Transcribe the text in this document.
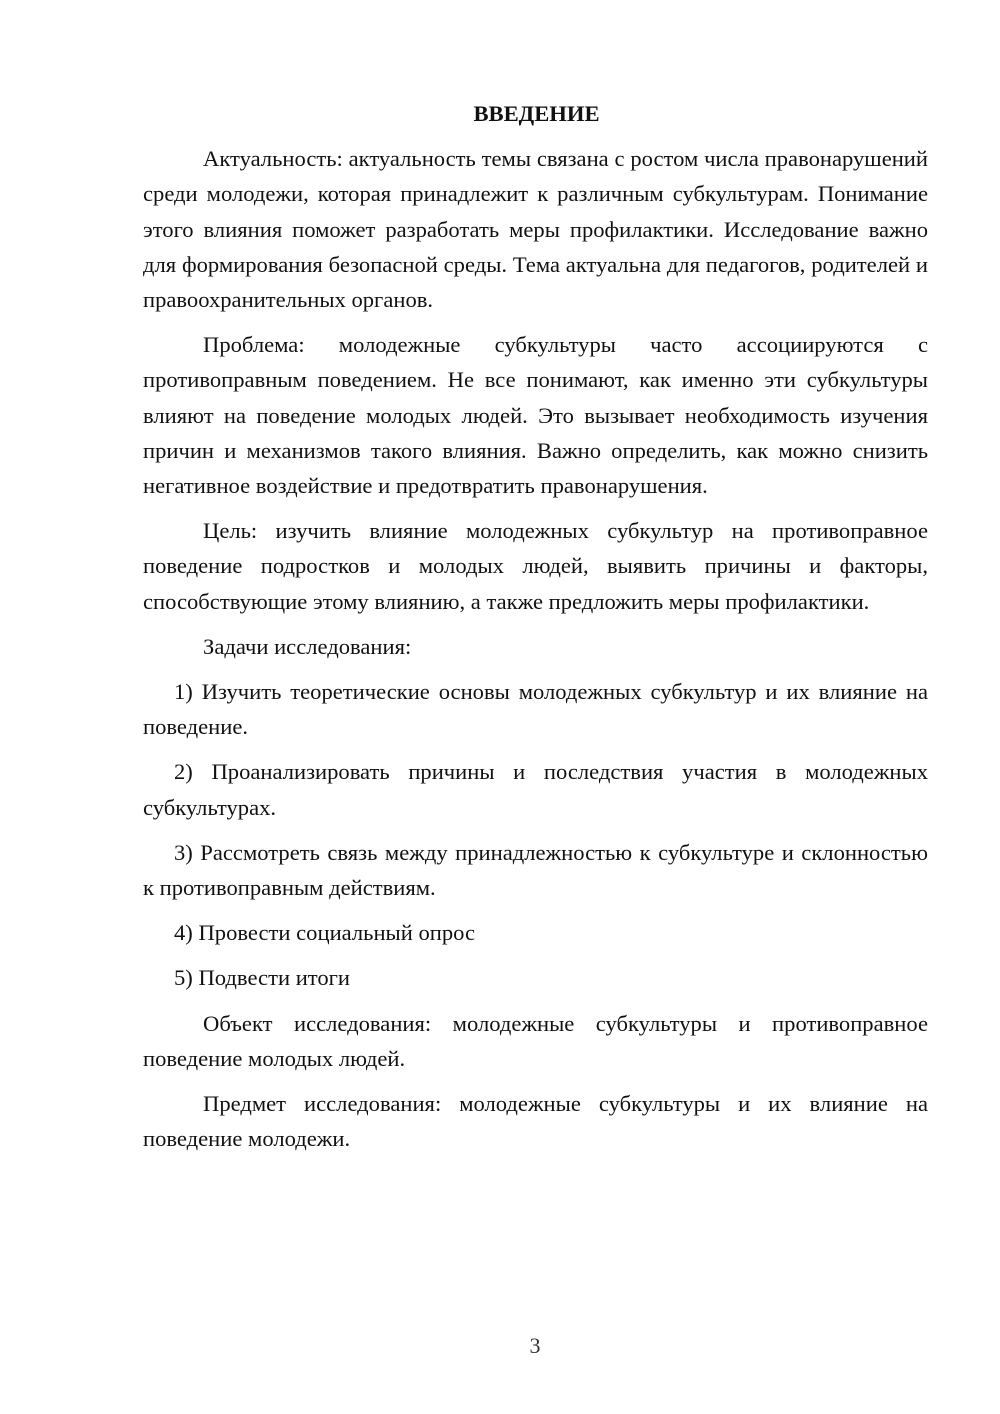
ВВЕДЕНИЕ

Актуальность: актуальность темы связана с ростом числа правонарушений среди молодежи, которая принадлежит к различным субкультурам. Понимание этого влияния поможет разработать меры профилактики. Исследование важно для формирования безопасной среды. Тема актуальна для педагогов, родителей и правоохранительных органов.

Проблема: молодежные субкультуры часто ассоциируются с противоправным поведением. Не все понимают, как именно эти субкультуры влияют на поведение молодых людей. Это вызывает необходимость изучения причин и механизмов такого влияния. Важно определить, как можно снизить негативное воздействие и предотвратить правонарушения.

Цель: изучить влияние молодежных субкультур на противоправное поведение подростков и молодых людей, выявить причины и факторы, способствующие этому влиянию, а также предложить меры профилактики.

Задачи исследования:

1) Изучить теоретические основы молодежных субкультур и их влияние на поведение.

2) Проанализировать причины и последствия участия в молодежных субкультурах.

3) Рассмотреть связь между принадлежностью к субкультуре и склонностью к противоправным действиям.

4) Провести социальный опрос

5) Подвести итоги

Объект исследования: молодежные субкультуры и противоправное поведение молодых людей.

Предмет исследования: молодежные субкультуры и их влияние на поведение молодежи.

3
